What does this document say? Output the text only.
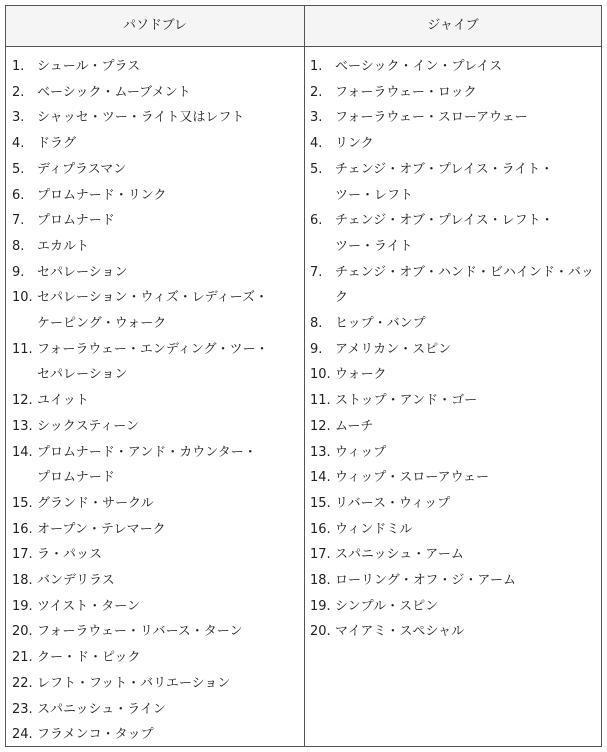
パソドブレ	ジャイブ
1. シュール・プラス
2. ベーシック・ムーブメント
3. シャッセ・ツー・ライト又はレフト
4. ドラグ
5. ディプラスマン
6. プロムナード・リンク
7. プロムナード
8. エカルト
9. セパレーション
10. セパレーション・ウィズ・レディーズ・
ケーピング・ウォーク
11. フォーラウェー・エンディング・ツー・
セパレーション
12. ユイット
13. シックスティーン
14. プロムナード・アンド・カウンター・
プロムナード
15. グランド・サークル
16. オープン・テレマーク
17. ラ・パッス
18. バンデリラス
19. ツイスト・ターン
20. フォーラウェー・リバース・ターン
21. クー・ド・ピック
22. レフト・フット・バリエーション
23. スパニッシュ・ライン
24. フラメンコ・タップ
1. ベーシック・イン・プレイス
2. フォーラウェー・ロック
3. フォーラウェー・スローアウェー
4. リンク
5. チェンジ・オブ・プレイス・ライト・
ツー・レフト
6. チェンジ・オブ・プレイス・レフト・
ツー・ライト
7. チェンジ・オブ・ハンド・ビハインド・バック
8. ヒップ・バンプ
9. アメリカン・スピン
10. ウォーク
11. ストップ・アンド・ゴー
12. ムーチ
13. ウィップ
14. ウィップ・スローアウェー
15. リバース・ウィップ
16. ウィンドミル
17. スパニッシュ・アーム
18. ローリング・オフ・ジ・アーム
19. シンプル・スピン
20. マイアミ・スペシャル
